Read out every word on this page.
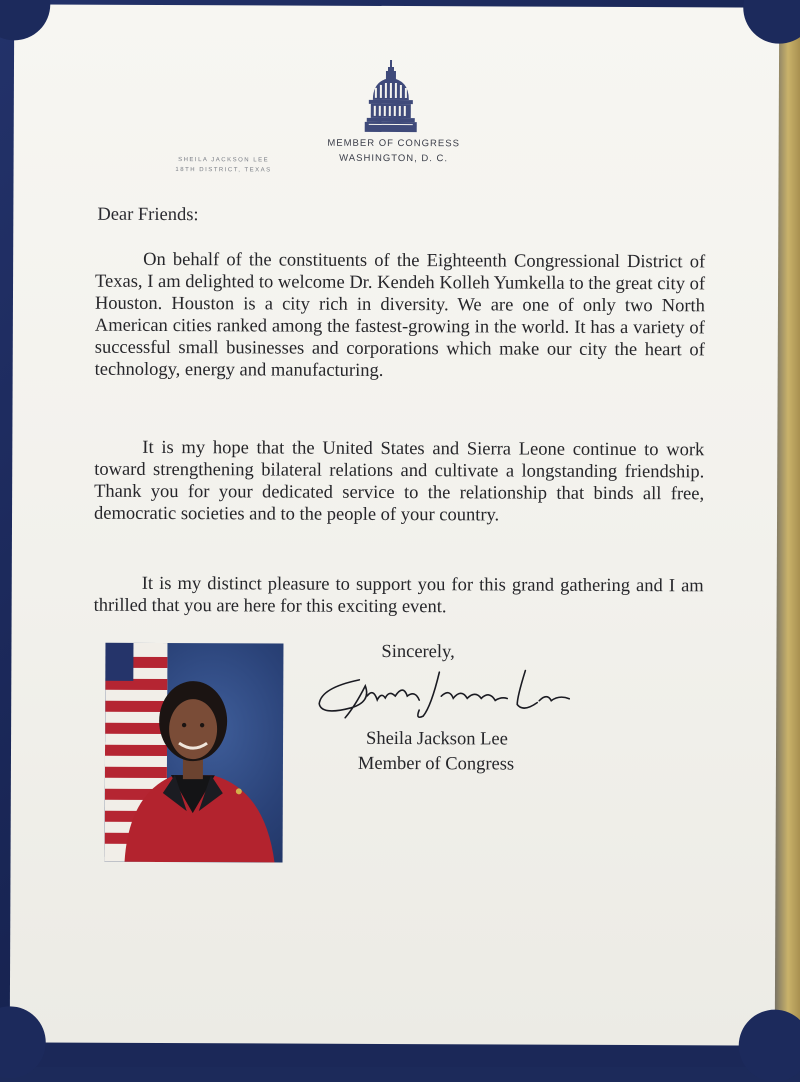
MEMBER OF CONGRESS
WASHINGTON, D. C.
SHEILA JACKSON LEE
18TH DISTRICT, TEXAS
Dear Friends:
On behalf of the constituents of the Eighteenth Congressional District of Texas, I am delighted to welcome Dr. Kendeh Kolleh Yumkella to the great city of Houston. Houston is a city rich in diversity. We are one of only two North American cities ranked among the fastest-growing in the world. It has a variety of successful small businesses and corporations which make our city the heart of technology, energy and manufacturing.
It is my hope that the United States and Sierra Leone continue to work toward strengthening bilateral relations and cultivate a longstanding friendship. Thank you for your dedicated service to the relationship that binds all free, democratic societies and to the people of your country.
It is my distinct pleasure to support you for this grand gathering and I am thrilled that you are here for this exciting event.
Sincerely,
Sheila Jackson Lee
Member of Congress
